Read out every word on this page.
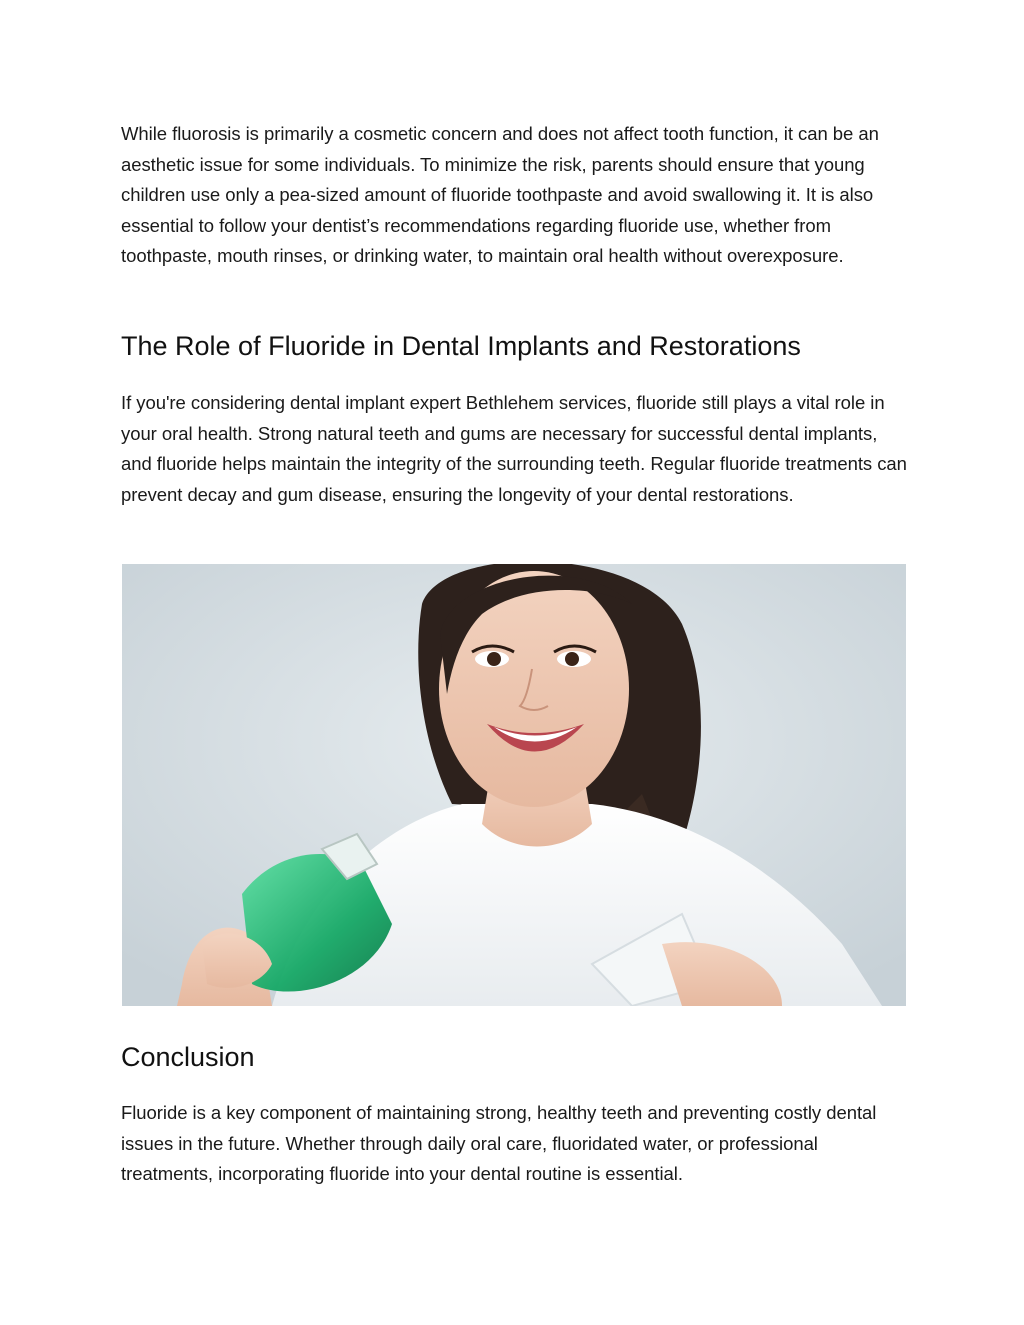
While fluorosis is primarily a cosmetic concern and does not affect tooth function, it can be an aesthetic issue for some individuals. To minimize the risk, parents should ensure that young children use only a pea-sized amount of fluoride toothpaste and avoid swallowing it. It is also essential to follow your dentist’s recommendations regarding fluoride use, whether from toothpaste, mouth rinses, or drinking water, to maintain oral health without overexposure.

The Role of Fluoride in Dental Implants and Restorations

If you're considering dental implant expert Bethlehem services, fluoride still plays a vital role in your oral health. Strong natural teeth and gums are necessary for successful dental implants, and fluoride helps maintain the integrity of the surrounding teeth. Regular fluoride treatments can prevent decay and gum disease, ensuring the longevity of your dental restorations.

Conclusion

Fluoride is a key component of maintaining strong, healthy teeth and preventing costly dental issues in the future. Whether through daily oral care, fluoridated water, or professional treatments, incorporating fluoride into your dental routine is essential.
